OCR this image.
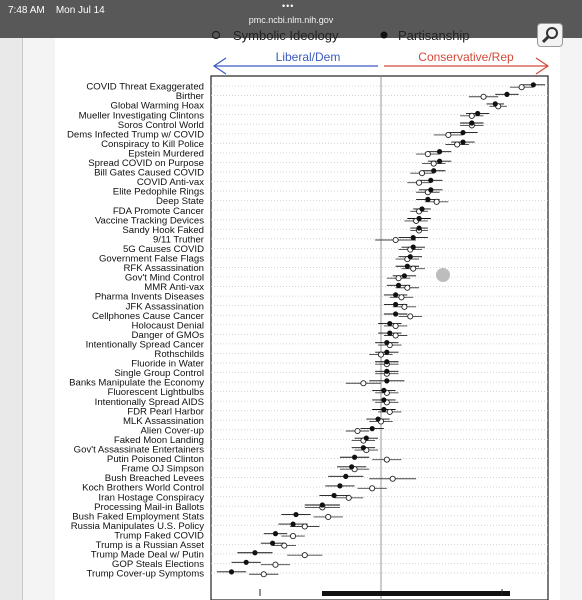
7:48 AM Mon Jul 14	•••
pmc.ncbi.nlm.nih.gov
Symbolic Ideology	Partisanship
Liberal/Dem	Conservative/Rep
COVID Threat Exaggerated
Birther
Global Warming Hoax
Mueller Investigating Clintons
Soros Control World
Dems Infected Trump w/ COVID
Conspiracy to Kill Police
Epstein Murdered
Spread COVID on Purpose
Bill Gates Caused COVID
COVID Anti-vax
Elite Pedophile Rings
Deep State
FDA Promote Cancer
Vaccine Tracking Devices
Sandy Hook Faked
9/11 Truther
5G Causes COVID
Government False Flags
RFK Assassination
Gov't Mind Control
MMR Anti-vax
Pharma Invents Diseases
JFK Assassination
Cellphones Cause Cancer
Holocaust Denial
Danger of GMOs
Intentionally Spread Cancer
Rothschilds
Fluoride in Water
Single Group Control
Banks Manipulate the Economy
Fluorescent Lightbulbs
Intentionally Spread AIDS
FDR Pearl Harbor
MLK Assassination
Alien Cover-up
Faked Moon Landing
Gov't Assassinate Entertainers
Putin Poisoned Clinton
Frame OJ Simpson
Bush Breached Levees
Koch Brothers World Control
Iran Hostage Conspiracy
Processing Mail-in Ballots
Bush Faked Employment Stats
Russia Manipulates U.S. Policy
Trump Faked COVID
Trump is a Russian Asset
Trump Made Deal w/ Putin
GOP Steals Elections
Trump Cover-up Symptoms
